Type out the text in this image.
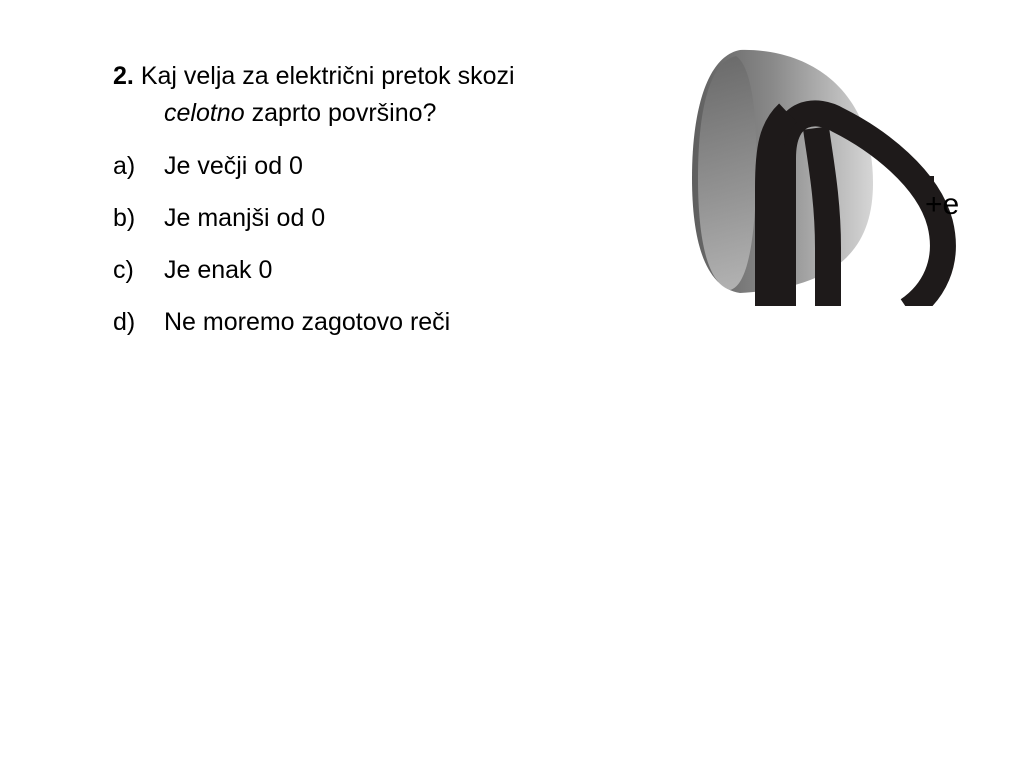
2. Kaj velja za električni pretok skozi
celotno zaprto površino?
a) Je večji od 0
b) Je manjši od 0
c) Je enak 0
d) Ne moremo zagotovo reči
+e
